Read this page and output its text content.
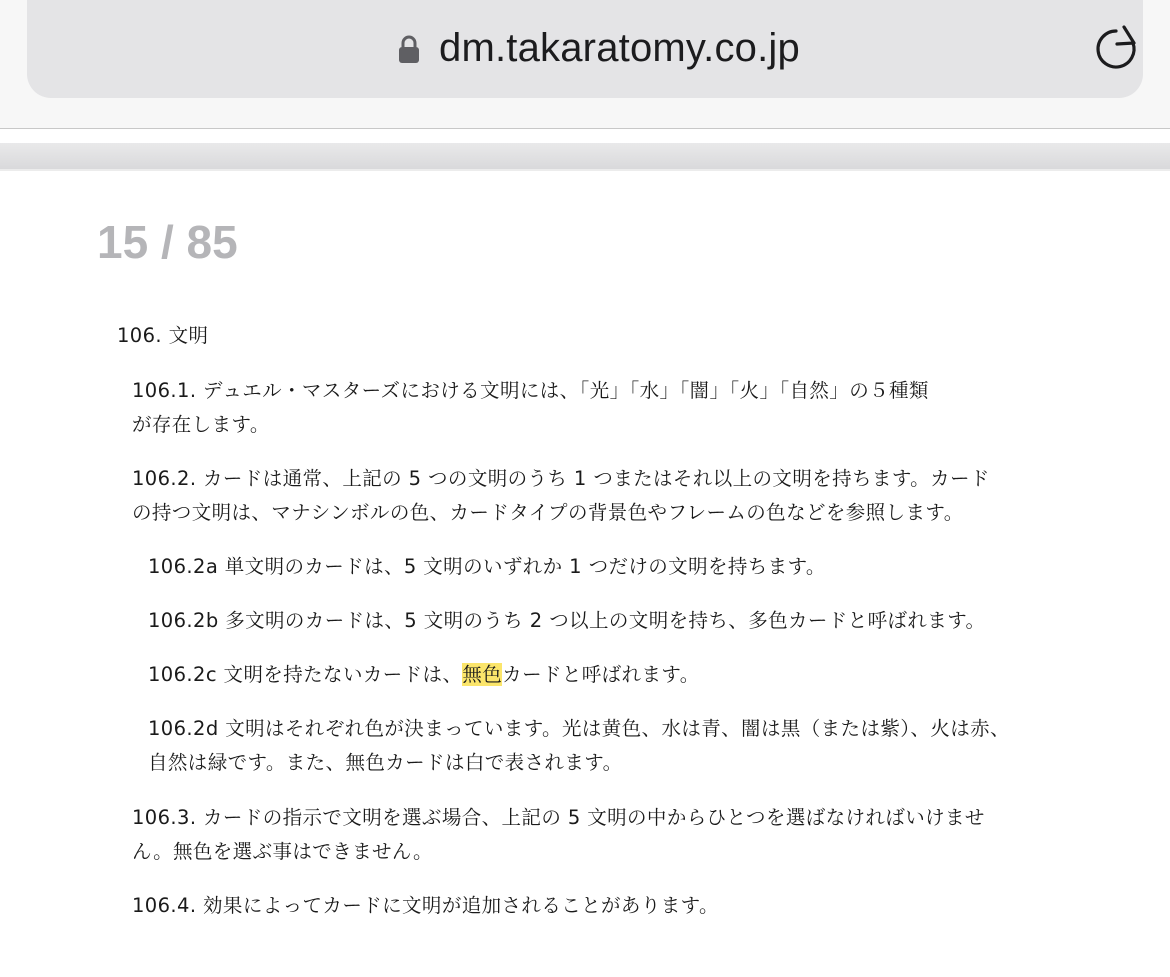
dm.takaratomy.co.jp
15 / 85
106. 文明
106.1. デュエル・マスターズにおける文明には、「光」「水」「闇」「火」「自然」の５種類
が存在します。
106.2. カードは通常、上記の 5 つの文明のうち 1 つまたはそれ以上の文明を持ちます。カード
の持つ文明は、マナシンボルの色、カードタイプの背景色やフレームの色などを参照します。
106.2a 単文明のカードは、5 文明のいずれか 1 つだけの文明を持ちます。
106.2b 多文明のカードは、5 文明のうち 2 つ以上の文明を持ち、多色カードと呼ばれます。
106.2c 文明を持たないカードは、無色カードと呼ばれます。
106.2d 文明はそれぞれ色が決まっています。光は黄色、水は青、闇は黒（または紫）、火は赤、
自然は緑です。また、無色カードは白で表されます。
106.3. カードの指示で文明を選ぶ場合、上記の 5 文明の中からひとつを選ばなければいけませ
ん。無色を選ぶ事はできません。
106.4. 効果によってカードに文明が追加されることがあります。
